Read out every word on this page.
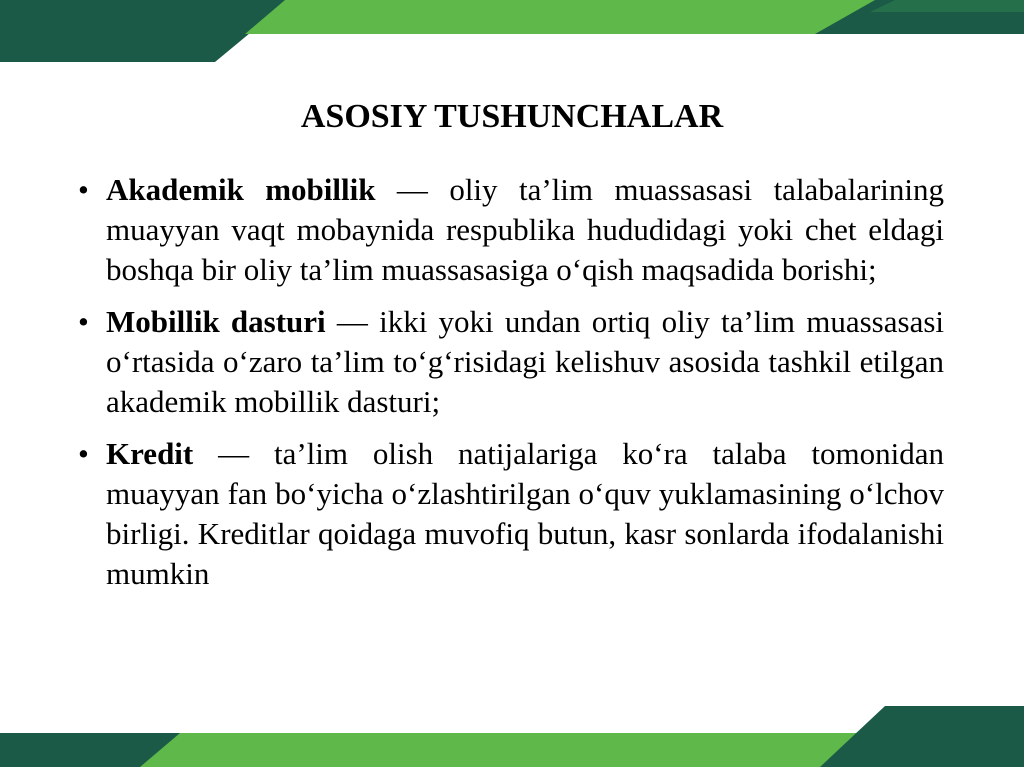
ASOSIY TUSHUNCHALAR
• Akademik mobillik — oliy ta’lim muassasasi talabalarining muayyan vaqt mobaynida respublika hududidagi yoki chet eldagi boshqa bir oliy ta’lim muassasasiga o‘qish maqsadida borishi;
• Mobillik dasturi — ikki yoki undan ortiq oliy ta’lim muassasasi o‘rtasida o‘zaro ta’lim to‘g‘risidagi kelishuv asosida tashkil etilgan akademik mobillik dasturi;
• Kredit — ta’lim olish natijalariga ko‘ra talaba tomonidan muayyan fan bo‘yicha o‘zlashtirilgan o‘quv yuklamasining o‘lchov birligi. Kreditlar qoidaga muvofiq butun, kasr sonlarda ifodalanishi mumkin
